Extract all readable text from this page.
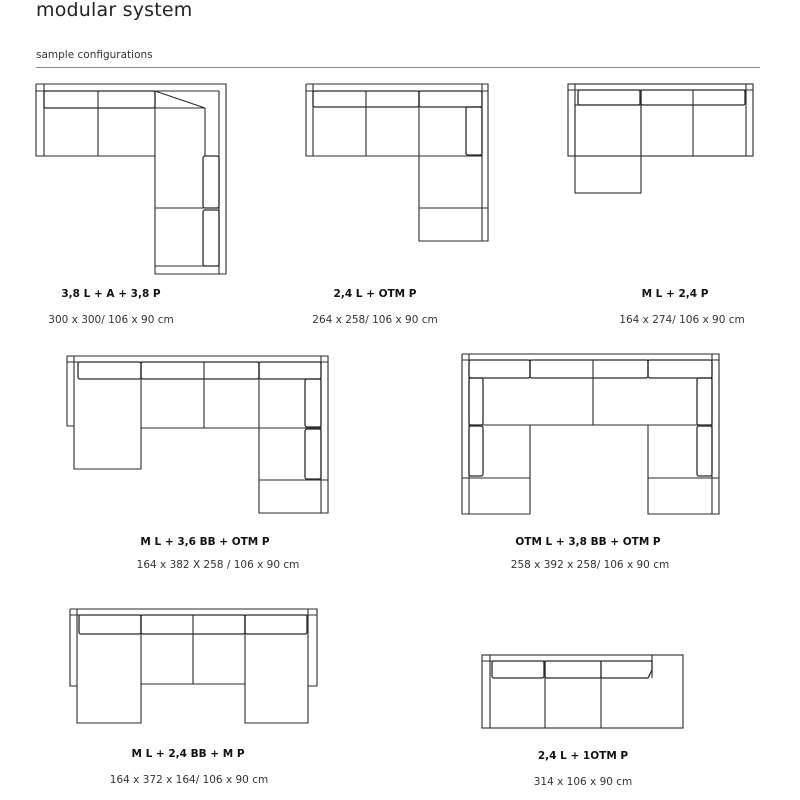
modular system
sample configurations
3,8 L + A + 3,8 P
300 x 300/ 106 x 90 cm
2,4 L + OTM P
264 x 258/ 106 x 90 cm
M L + 2,4 P
164 x 274/ 106 x 90 cm
M L + 3,6 BB + OTM P
164 x 382 X 258 / 106 x 90 cm
OTM L + 3,8 BB + OTM P
258 x 392 x 258/ 106 x 90 cm
M L + 2,4 BB + M P
164 x 372 x 164/ 106 x 90 cm
2,4 L + 1OTM P
314 x 106 x 90 cm
